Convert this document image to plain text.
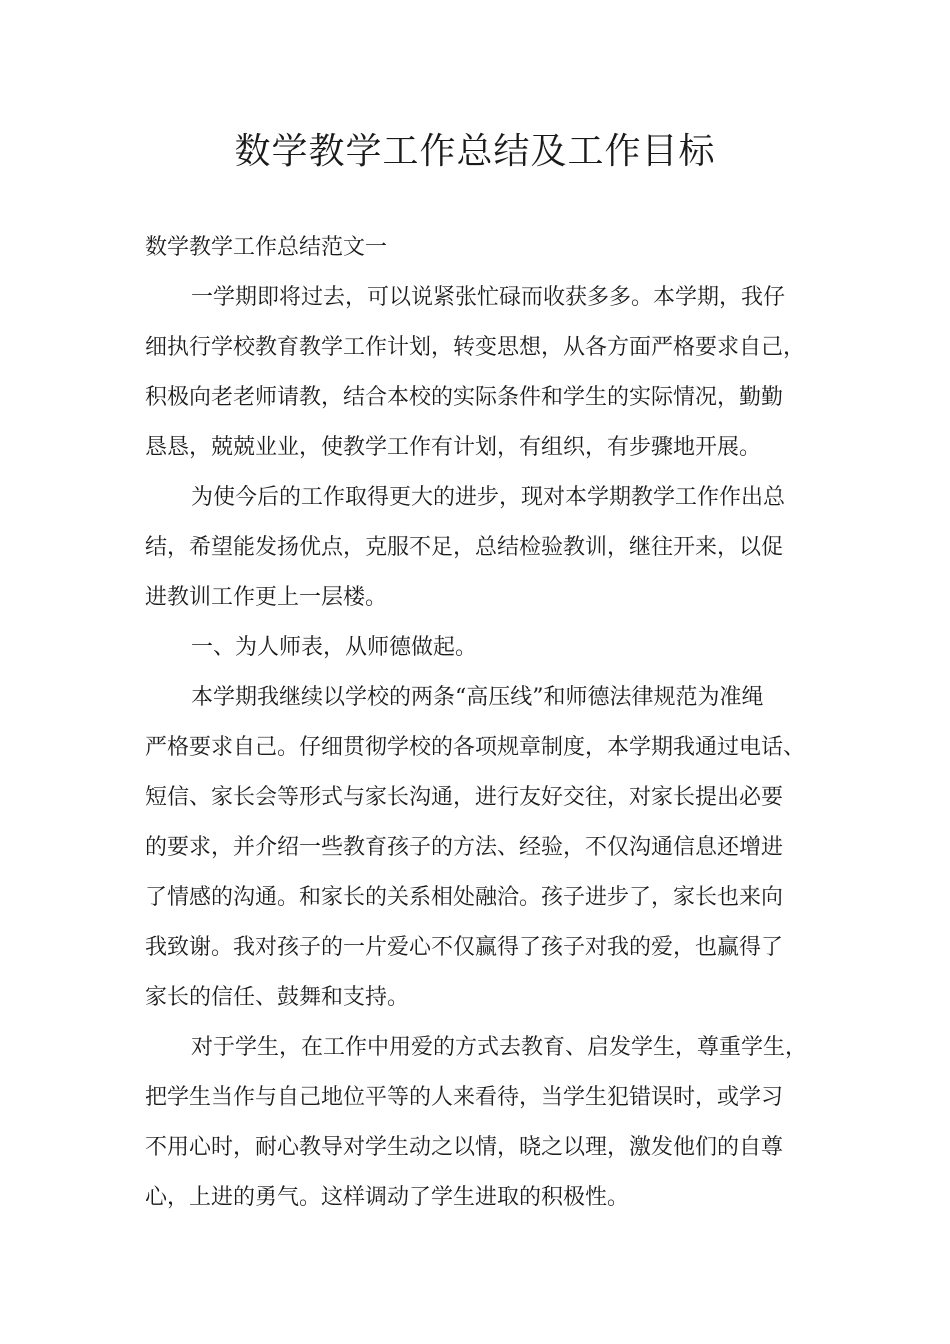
数学教学工作总结及工作目标

数学教学工作总结范文一

一学期即将过去，可以说紧张忙碌而收获多多。本学期，我仔

细执行学校教育教学工作计划，转变思想，从各方面严格要求自己，

积极向老老师请教，结合本校的实际条件和学生的实际情况，勤勤

恳恳，兢兢业业，使教学工作有计划，有组织，有步骤地开展。

为使今后的工作取得更大的进步，现对本学期教学工作作出总

结，希望能发扬优点，克服不足，总结检验教训，继往开来，以促

进教训工作更上一层楼。

一、为人师表，从师德做起。

本学期我继续以学校的两条“高压线”和师德法律规范为准绳

严格要求自己。仔细贯彻学校的各项规章制度，本学期我通过电话、

短信、家长会等形式与家长沟通，进行友好交往，对家长提出必要

的要求，并介绍一些教育孩子的方法、经验，不仅沟通信息还增进

了情感的沟通。和家长的关系相处融洽。孩子进步了，家长也来向

我致谢。我对孩子的一片爱心不仅赢得了孩子对我的爱，也赢得了

家长的信任、鼓舞和支持。

对于学生，在工作中用爱的方式去教育、启发学生，尊重学生，

把学生当作与自己地位平等的人来看待，当学生犯错误时，或学习

不用心时，耐心教导对学生动之以情，晓之以理，激发他们的自尊

心，上进的勇气。这样调动了学生进取的积极性。
